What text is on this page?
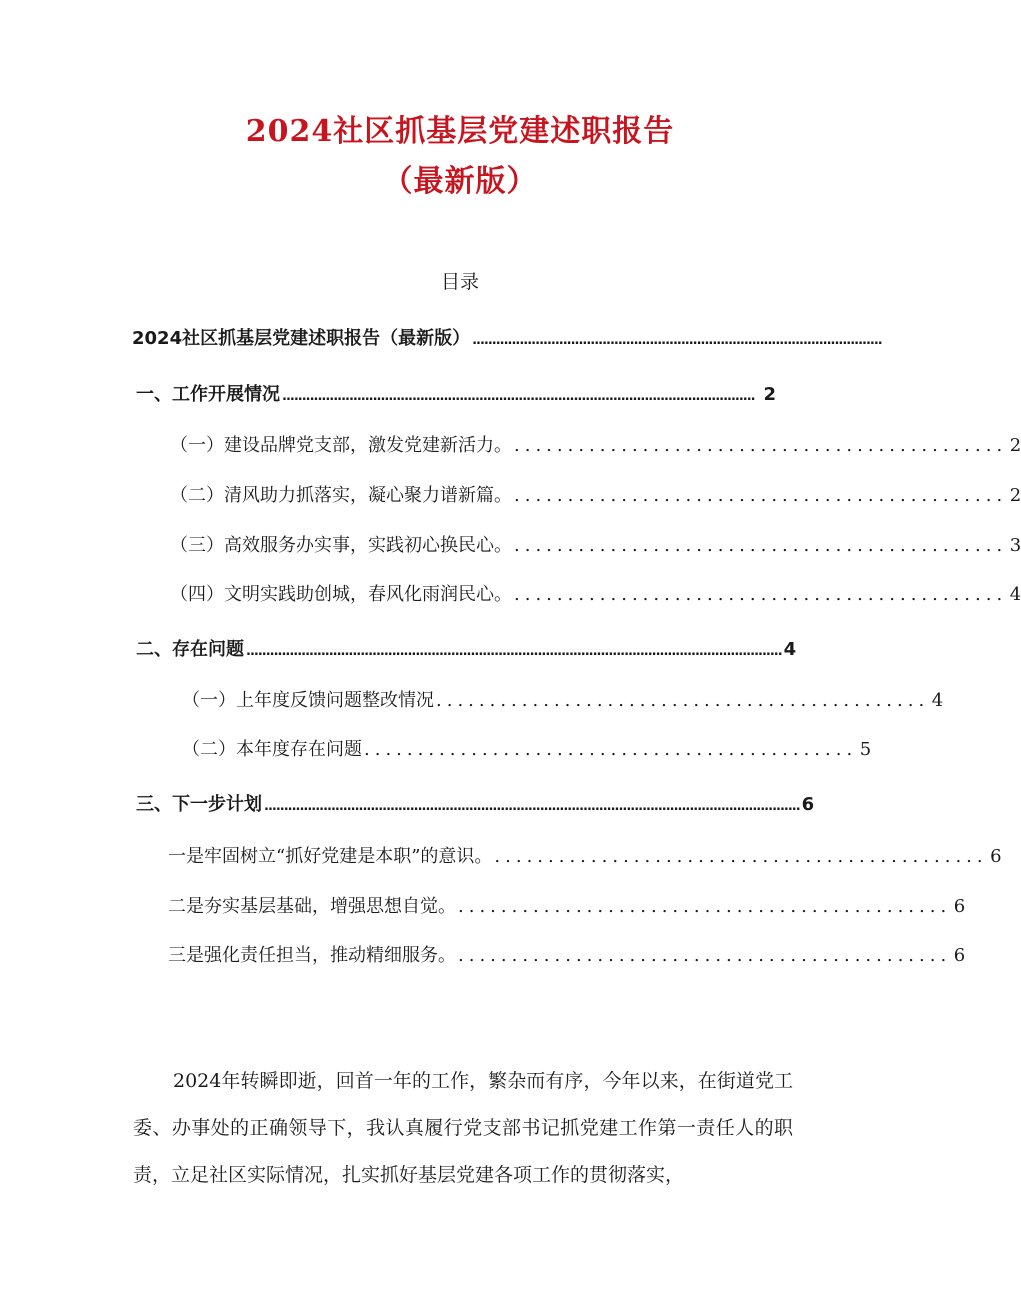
2024社区抓基层党建述职报告
（最新版）
目录
2024社区抓基层党建述职报告（最新版） ........................................................................................................
一、工作开展情况 ........................................................................................................................ 2
（一）建设品牌党支部，激发党建新活力。 .............................................. 2
（二）清风助力抓落实，凝心聚力谱新篇。 .............................................. 2
（三）高效服务办实事，实践初心换民心。 .............................................. 3
（四）文明实践助创城，春风化雨润民心。 .............................................. 4
二、存在问题 ........................................................................................................................................ 4
（一）上年度反馈问题整改情况 .............................................. 4
（二）本年度存在问题 .............................................. 5
三、下一步计划 ........................................................................................................................................ 6
一是牢固树立“抓好党建是本职”的意识。 .............................................. 6
二是夯实基层基础，增强思想自觉。 .............................................. 6
三是强化责任担当，推动精细服务。 .............................................. 6

2024年转瞬即逝，回首一年的工作，繁杂而有序，今年以来，在街道党工委、办事处的正确领导下，我认真履行党支部书记抓党建工作第一责任人的职责，立足社区实际情况，扎实抓好基层党建各项工作的贯彻落实，
